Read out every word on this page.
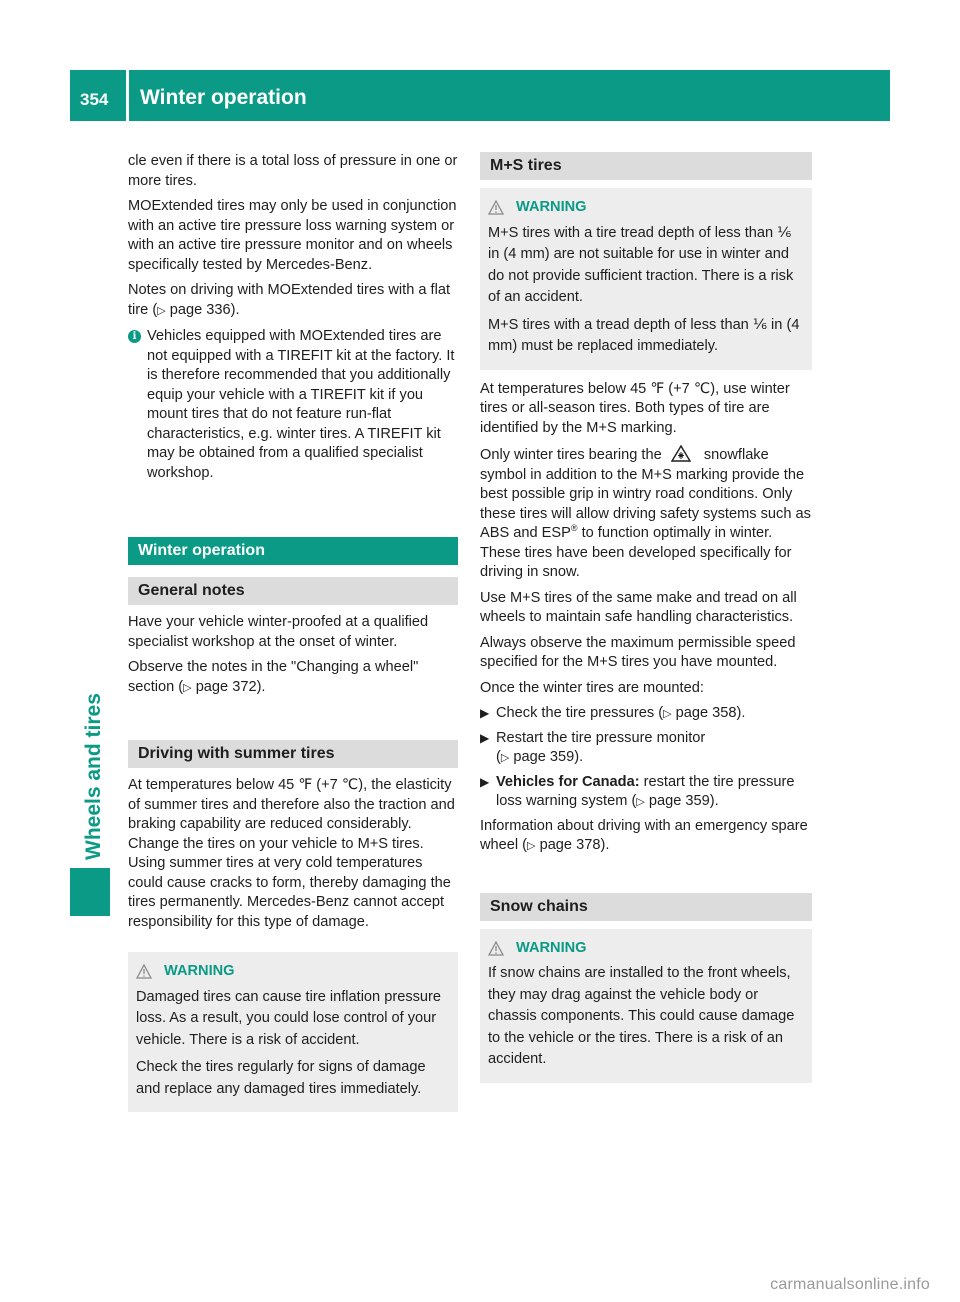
354 Winter operation
Wheels and tires

cle even if there is a total loss of pressure in one or more tires.

MOExtended tires may only be used in conjunction with an active tire pressure loss warning system or with an active tire pressure monitor and on wheels specifically tested by Mercedes-Benz.

Notes on driving with MOExtended tires with a flat tire (▷ page 336).

i Vehicles equipped with MOExtended tires are not equipped with a TIREFIT kit at the factory. It is therefore recommended that you additionally equip your vehicle with a TIREFIT kit if you mount tires that do not feature run-flat characteristics, e.g. winter tires. A TIREFIT kit may be obtained from a qualified specialist workshop.
Winter operation
General notes

Have your vehicle winter-proofed at a qualified specialist workshop at the onset of winter.

Observe the notes in the "Changing a wheel" section (▷ page 372).

Driving with summer tires

At temperatures below 45 ℉ (+7 ℃), the elasticity of summer tires and therefore also the traction and braking capability are reduced considerably. Change the tires on your vehicle to M+S tires. Using summer tires at very cold temperatures could cause cracks to form, thereby damaging the tires permanently. Mercedes-Benz cannot accept responsibility for this type of damage.

WARNING

Damaged tires can cause tire inflation pressure loss. As a result, you could lose control of your vehicle. There is a risk of accident.

Check the tires regularly for signs of damage and replace any damaged tires immediately.

M+S tires
WARNING

M+S tires with a tire tread depth of less than ⅙ in (4 mm) are not suitable for use in winter and do not provide sufficient traction. There is a risk of an accident.

M+S tires with a tread depth of less than ⅙ in (4 mm) must be replaced immediately.

At temperatures below 45 ℉ (+7 ℃), use winter tires or all-season tires. Both types of tire are identified by the M+S marking.

Only winter tires bearing the	snowflake symbol in addition to the M+S marking provide the best possible grip in wintry road conditions. Only these tires will allow driving safety systems such as ABS and ESP® to function optimally in winter. These tires have been developed specifically for driving in snow.

Use M+S tires of the same make and tread on all wheels to maintain safe handling characteristics.

Always observe the maximum permissible speed specified for the M+S tires you have mounted.

Once the winter tires are mounted:

▶ Check the tire pressures (▷ page 358).
▶ Restart the tire pressure monitor
(▷ page 359).
▶ Vehicles for Canada: restart the tire pressure loss warning system (▷ page 359).

Information about driving with an emergency spare wheel (▷ page 378).

Snow chains
WARNING

If snow chains are installed to the front wheels, they may drag against the vehicle body or chassis components. This could cause damage to the vehicle or the tires. There is a risk of an accident.

carmanualsonline.info
